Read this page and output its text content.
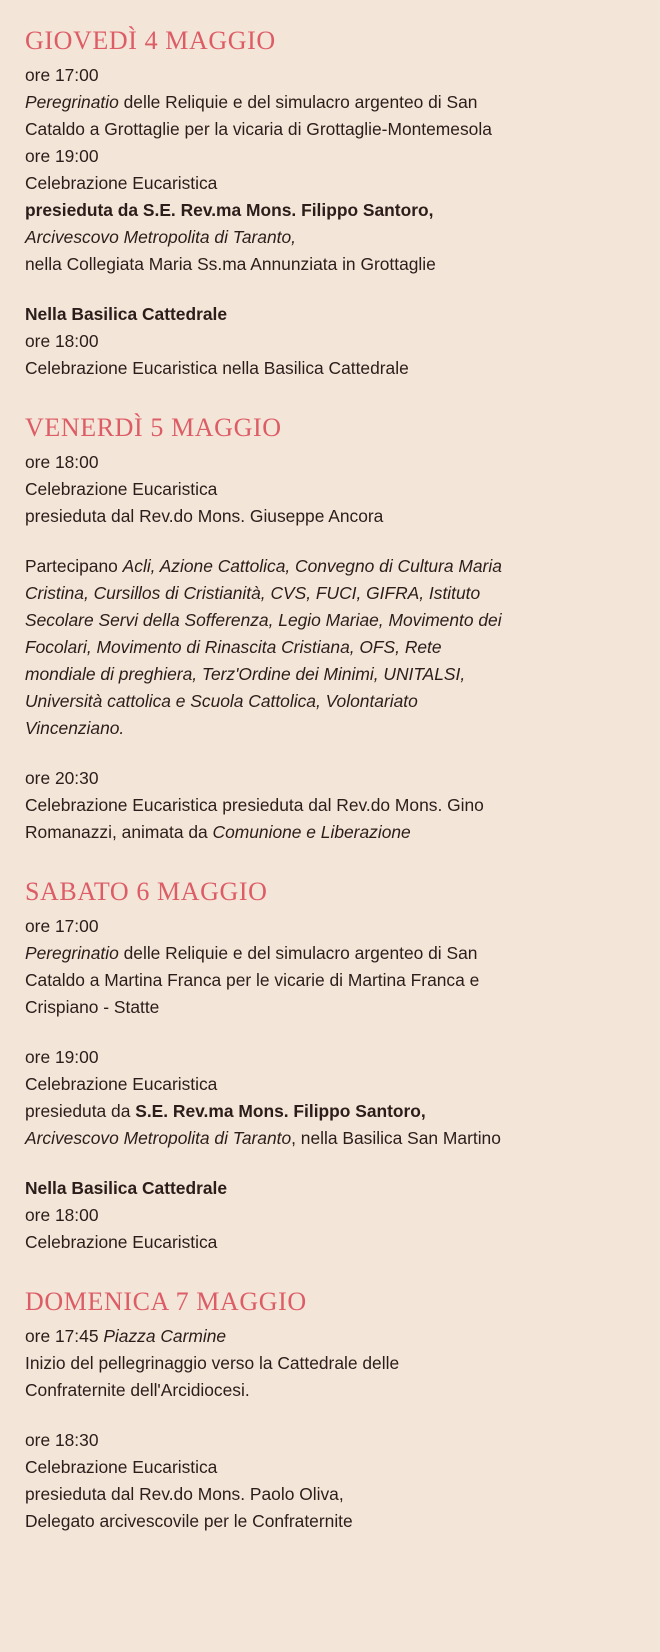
GIOVEDÌ 4 MAGGIO
ore 17:00
Peregrinatio delle Reliquie e del simulacro argenteo di San
Cataldo a Grottaglie per la vicaria di Grottaglie-Montemesola
ore 19:00
Celebrazione Eucaristica
presieduta da S.E. Rev.ma Mons. Filippo Santoro,
Arcivescovo Metropolita di Taranto,
nella Collegiata Maria Ss.ma Annunziata in Grottaglie
Nella Basilica Cattedrale
ore 18:00
Celebrazione Eucaristica nella Basilica Cattedrale
VENERDÌ 5 MAGGIO
ore 18:00
Celebrazione Eucaristica
presieduta dal Rev.do Mons. Giuseppe Ancora
Partecipano Acli, Azione Cattolica, Convegno di Cultura Maria
Cristina, Cursillos di Cristianità, CVS, FUCI, GIFRA, Istituto
Secolare Servi della Sofferenza, Legio Mariae, Movimento dei
Focolari, Movimento di Rinascita Cristiana, OFS, Rete
mondiale di preghiera, Terz'Ordine dei Minimi, UNITALSI,
Università cattolica e Scuola Cattolica, Volontariato
Vincenziano.
ore 20:30
Celebrazione Eucaristica presieduta dal Rev.do Mons. Gino
Romanazzi, animata da Comunione e Liberazione
SABATO 6 MAGGIO
ore 17:00
Peregrinatio delle Reliquie e del simulacro argenteo di San
Cataldo a Martina Franca per le vicarie di Martina Franca e
Crispiano - Statte
ore 19:00
Celebrazione Eucaristica
presieduta da S.E. Rev.ma Mons. Filippo Santoro,
Arcivescovo Metropolita di Taranto, nella Basilica San Martino
Nella Basilica Cattedrale
ore 18:00
Celebrazione Eucaristica
DOMENICA 7 MAGGIO
ore 17:45 Piazza Carmine
Inizio del pellegrinaggio verso la Cattedrale delle
Confraternite dell'Arcidiocesi.
ore 18:30
Celebrazione Eucaristica
presieduta dal Rev.do Mons. Paolo Oliva,
Delegato arcivescovile per le Confraternite
